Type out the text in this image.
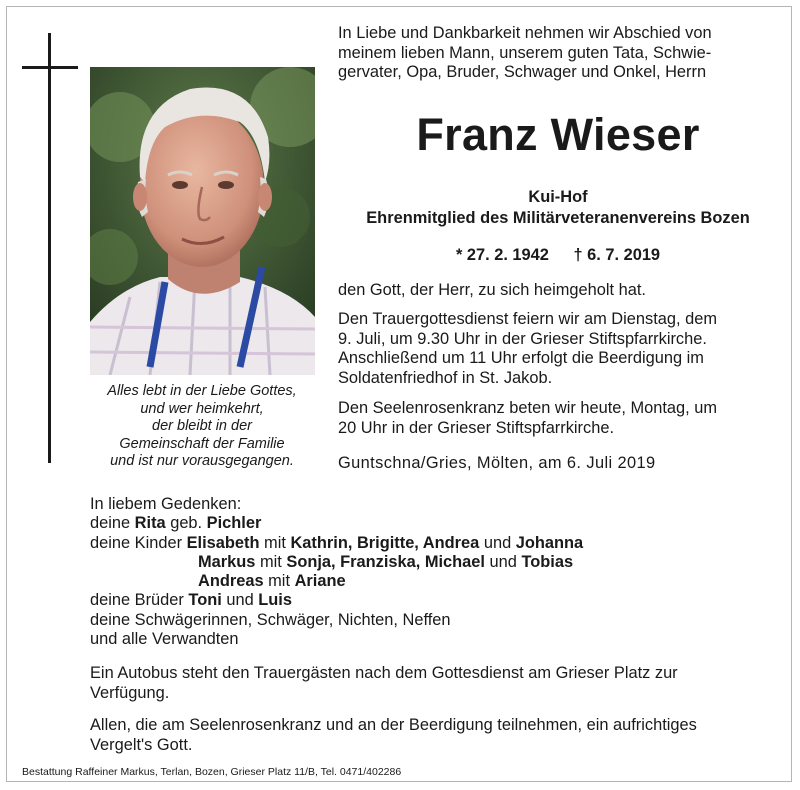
Alles lebt in der Liebe Gottes,
und wer heimkehrt,
der bleibt in der
Gemeinschaft der Familie
und ist nur vorausgegangen.
In Liebe und Dankbarkeit nehmen wir Abschied von
meinem lieben Mann, unserem guten Tata, Schwie-
gervater, Opa, Bruder, Schwager und Onkel, Herrn
Franz Wieser
Kui-Hof
Ehrenmitglied des Militärveteranenvereins Bozen
* 27. 2. 1942 † 6. 7. 2019
den Gott, der Herr, zu sich heimgeholt hat.
Den Trauergottesdienst feiern wir am Dienstag, dem
9. Juli, um 9.30 Uhr in der Grieser Stiftspfarrkirche.
Anschließend um 11 Uhr erfolgt die Beerdigung im
Soldatenfriedhof in St. Jakob.
Den Seelenrosenkranz beten wir heute, Montag, um
20 Uhr in der Grieser Stiftspfarrkirche.
Guntschna/Gries, Mölten, am 6. Juli 2019
In liebem Gedenken:
deine Rita geb. Pichler
deine Kinder Elisabeth mit Kathrin, Brigitte, Andrea und Johanna
Markus mit Sonja, Franziska, Michael und Tobias
Andreas mit Ariane
deine Brüder Toni und Luis
deine Schwägerinnen, Schwäger, Nichten, Neffen
und alle Verwandten
Ein Autobus steht den Trauergästen nach dem Gottesdienst am Grieser Platz zur
Verfügung.
Allen, die am Seelenrosenkranz und an der Beerdigung teilnehmen, ein aufrichtiges
Vergelt's Gott.
Bestattung Raffeiner Markus, Terlan, Bozen, Grieser Platz 11/B, Tel. 0471/402286
